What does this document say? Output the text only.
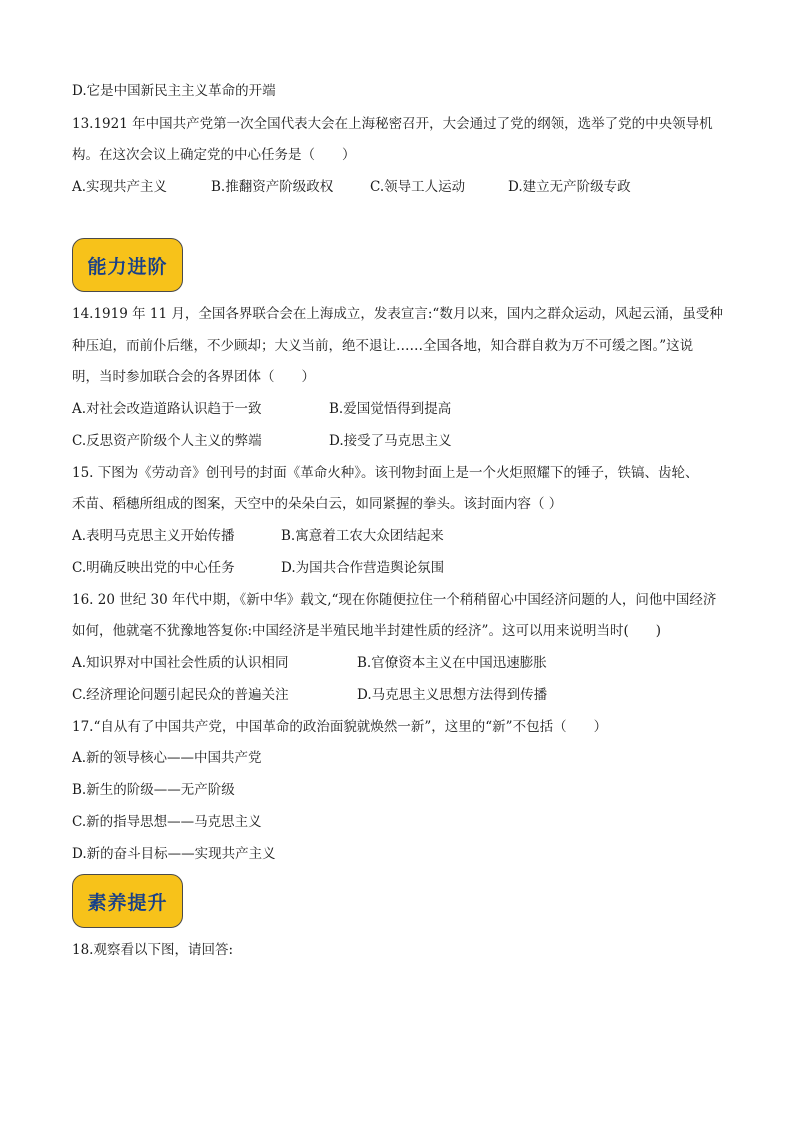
D.它是中国新民主主义革命的开端
13.1921 年中国共产党第一次全国代表大会在上海秘密召开，大会通过了党的纲领，选举了党的中央领导机
构。在这次会议上确定党的中心任务是（　　）
A.实现共产主义	B.推翻资产阶级政权	C.领导工人运动	D.建立无产阶级专政
能力进阶
14.1919 年 11 月，全国各界联合会在上海成立，发表宣言:“数月以来，国内之群众运动，风起云涌，虽受种
种压迫，而前仆后继，不少顾却；大义当前，绝不退让……全国各地，知合群自救为万不可缓之图。”这说
明，当时参加联合会的各界团体（　　）
A.对社会改造道路认识趋于一致	B.爱国觉悟得到提高
C.反思资产阶级个人主义的弊端	D.接受了马克思主义
15. 下图为《劳动音》创刊号的封面《革命火种》。该刊物封面上是一个火炬照耀下的锤子，铁镐、齿轮、
禾苗、稻穗所组成的图案，天空中的朵朵白云，如同紧握的拳头。该封面内容（ ）
A.表明马克思主义开始传播	B.寓意着工农大众团结起来
C.明确反映出党的中心任务	D.为国共合作营造舆论氛围
16. 20 世纪 30 年代中期，《新中华》载文,“现在你随便拉住一个稍稍留心中国经济问题的人，问他中国经济
如何，他就毫不犹豫地答复你:中国经济是半殖民地半封建性质的经济”。这可以用来说明当时(　　)
A.知识界对中国社会性质的认识相同	B.官僚资本主义在中国迅速膨胀
C.经济理论问题引起民众的普遍关注	D.马克思主义思想方法得到传播
17.“自从有了中国共产党，中国革命的政治面貌就焕然一新”，这里的“新”不包括（　　）
A.新的领导核心——中国共产党
B.新生的阶级——无产阶级
C.新的指导思想——马克思主义
D.新的奋斗目标——实现共产主义
素养提升
18.观察看以下图，请回答:
